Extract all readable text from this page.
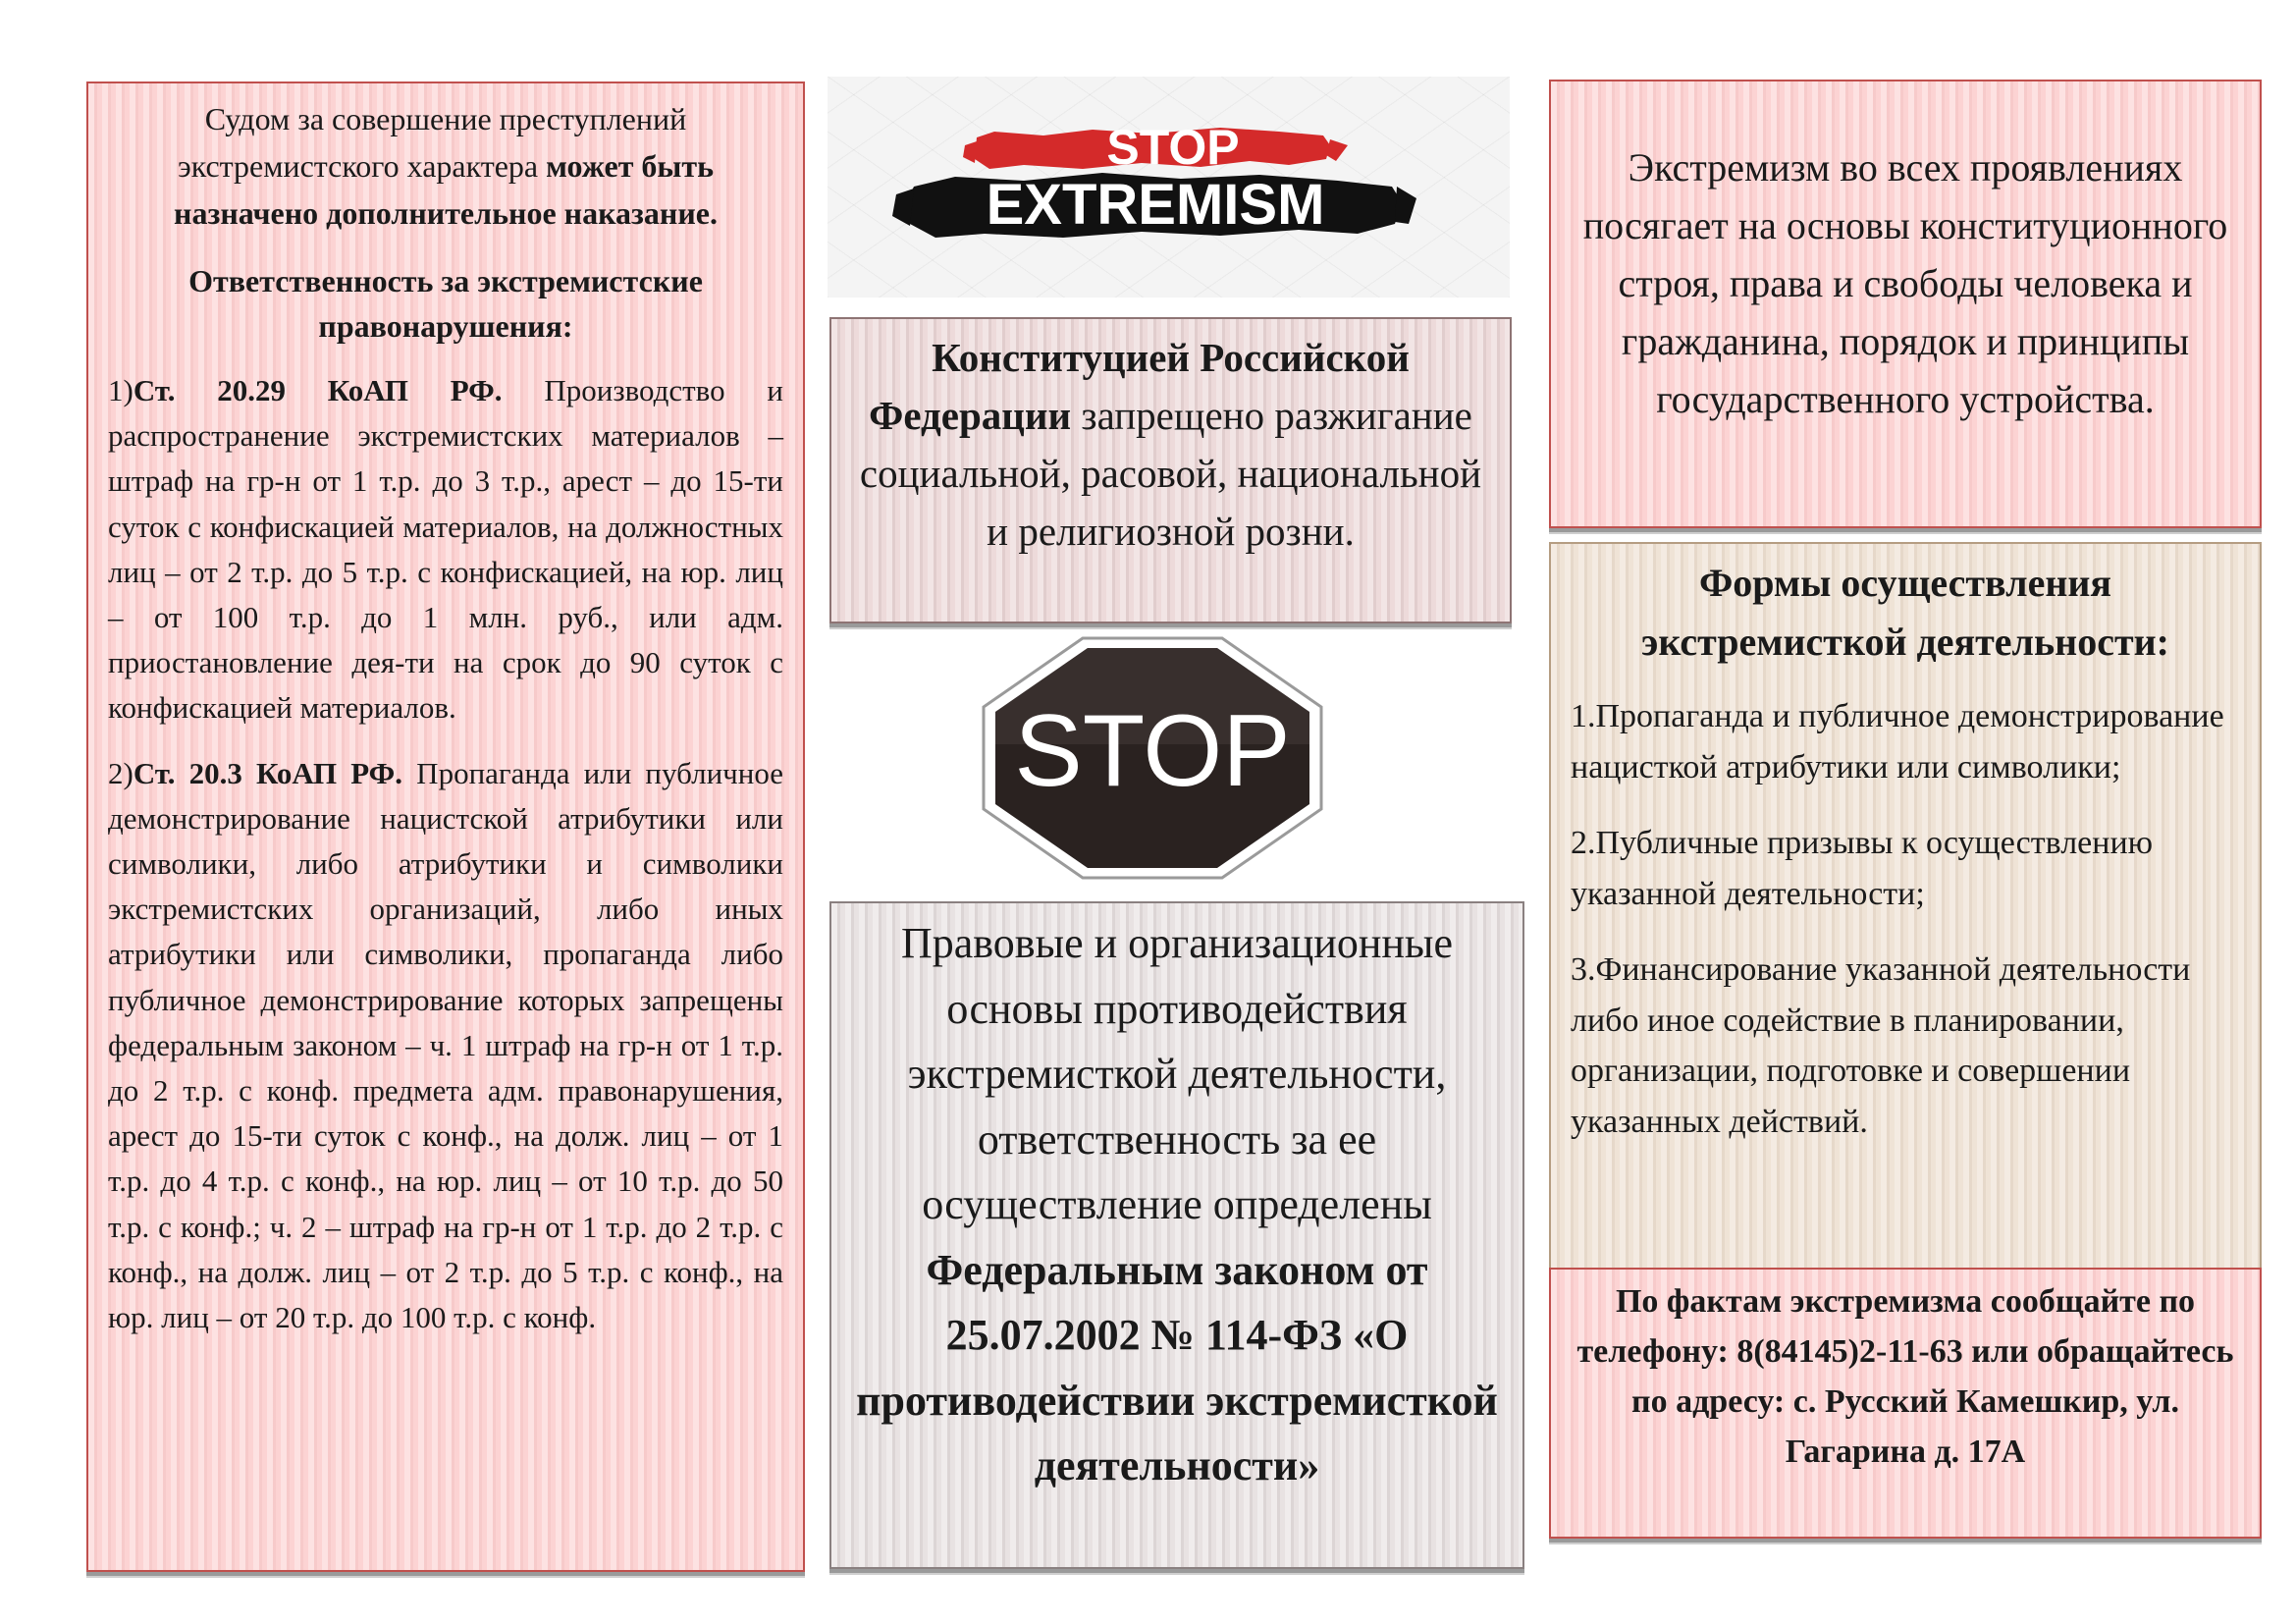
Судом за совершение преступлений экстремистского характера может быть назначено дополнительное наказание.

Ответственность за экстремистские правонарушения:

1)Ст. 20.29 КоАП РФ. Производство и распространение экстремистских материалов – штраф на гр-н от 1 т.р. до 3 т.р., арест – до 15-ти суток с конфискацией материалов, на должностных лиц – от 2 т.р. до 5 т.р. с конфискацией, на юр. лиц – от 100 т.р. до 1 млн. руб., или адм. приостановление дея-ти на срок до 90 суток с конфискацией материалов.

2)Ст. 20.3 КоАП РФ. Пропаганда или публичное демонстрирование нацистской атрибутики или символики, либо атрибутики и символики экстремистских организаций, либо иных атрибутики или символики, пропаганда либо публичное демонстрирование которых запрещены федеральным законом – ч. 1 штраф на гр-н от 1 т.р. до 2 т.р. с конф. предмета адм. правонарушения, арест до 15-ти суток с конф., на долж. лиц – от 1 т.р. до 4 т.р. с конф., на юр. лиц – от 10 т.р. до 50 т.р. с конф.; ч. 2 – штраф на гр-н от 1 т.р. до 2 т.р. с конф., на долж. лиц – от 2 т.р. до 5 т.р. с конф., на юр. лиц – от 20 т.р. до 100 т.р. с конф.

STOP
EXTREMISM
Конституцией Российской Федерации запрещено разжигание социальной, расовой, национальной и религиозной розни.
STOP
Правовые и организационные основы противодействия экстремисткой деятельности, ответственность за ее осуществление определены Федеральным законом от 25.07.2002 № 114-ФЗ «О противодействии экстремисткой деятельности»
Экстремизм во всех проявлениях посягает на основы конституционного строя, права и свободы человека и гражданина, порядок и принципы государственного устройства.

Формы осуществления экстремисткой деятельности:

1.Пропаганда и публичное демонстрирование нацисткой атрибутики или символики;

2.Публичные призывы к осуществлению указанной деятельности;

3.Финансирование указанной деятельности либо иное содействие в планировании, организации, подготовке и совершении указанных действий.

По фактам экстремизма сообщайте по телефону: 8(84145)2-11-63 или обращайтесь по адресу: с. Русский Камешкир, ул. Гагарина д. 17А
